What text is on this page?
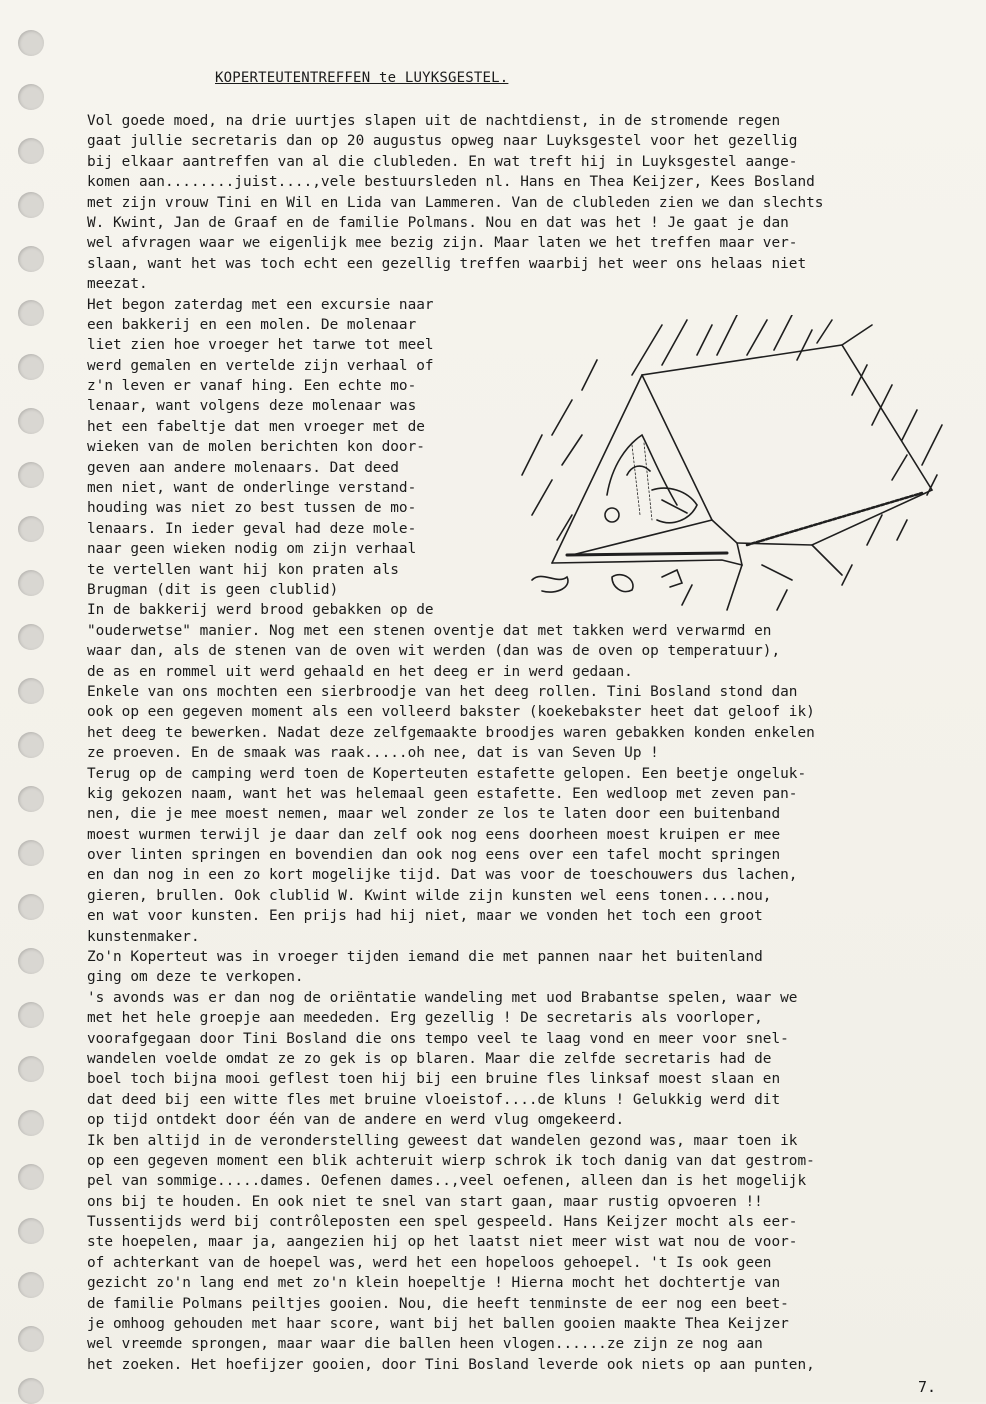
KOPERTEUTENTREFFEN te LUYKSGESTEL.
Vol goede moed, na drie uurtjes slapen uit de nachtdienst, in de stromende regen
gaat jullie secretaris dan op 20 augustus opweg naar Luyksgestel voor het gezellig
bij elkaar aantreffen van al die clubleden. En wat treft hij in Luyksgestel aange-
komen aan........juist....,vele bestuursleden nl. Hans en Thea Keijzer, Kees Bosland
met zijn vrouw Tini en Wil en Lida van Lammeren. Van de clubleden zien we dan slechts
W. Kwint, Jan de Graaf en de familie Polmans. Nou en dat was het ! Je gaat je dan
wel afvragen waar we eigenlijk mee bezig zijn. Maar laten we het treffen maar ver-
slaan, want het was toch echt een gezellig treffen waarbij het weer ons helaas niet
meezat.
Het begon zaterdag met een excursie naar
een bakkerij en een molen. De molenaar
liet zien hoe vroeger het tarwe tot meel
werd gemalen en vertelde zijn verhaal of
z'n leven er vanaf hing. Een echte mo-
lenaar, want volgens deze molenaar was
het een fabeltje dat men vroeger met de
wieken van de molen berichten kon door-
geven aan andere molenaars. Dat deed
men niet, want de onderlinge verstand-
houding was niet zo best tussen de mo-
lenaars. In ieder geval had deze mole-
naar geen wieken nodig om zijn verhaal
te vertellen want hij kon praten als
Brugman (dit is geen clublid)
In de bakkerij werd brood gebakken op de
"ouderwetse" manier. Nog met een stenen oventje dat met takken werd verwarmd en
waar dan, als de stenen van de oven wit werden (dan was de oven op temperatuur),
de as en rommel uit werd gehaald en het deeg er in werd gedaan.
Enkele van ons mochten een sierbroodje van het deeg rollen. Tini Bosland stond dan
ook op een gegeven moment als een volleerd bakster (koekebakster heet dat geloof ik)
het deeg te bewerken. Nadat deze zelfgemaakte broodjes waren gebakken konden enkelen
ze proeven. En de smaak was raak.....oh nee, dat is van Seven Up !
Terug op de camping werd toen de Koperteuten estafette gelopen. Een beetje ongeluk-
kig gekozen naam, want het was helemaal geen estafette. Een wedloop met zeven pan-
nen, die je mee moest nemen, maar wel zonder ze los te laten door een buitenband
moest wurmen terwijl je daar dan zelf ook nog eens doorheen moest kruipen er mee
over linten springen en bovendien dan ook nog eens over een tafel mocht springen
en dan nog in een zo kort mogelijke tijd. Dat was voor de toeschouwers dus lachen,
gieren, brullen. Ook clublid W. Kwint wilde zijn kunsten wel eens tonen....nou,
en wat voor kunsten. Een prijs had hij niet, maar we vonden het toch een groot
kunstenmaker.
Zo'n Koperteut was in vroeger tijden iemand die met pannen naar het buitenland
ging om deze te verkopen.
's avonds was er dan nog de oriëntatie wandeling met uod Brabantse spelen, waar we
met het hele groepje aan meededen. Erg gezellig ! De secretaris als voorloper,
voorafgegaan door Tini Bosland die ons tempo veel te laag vond en meer voor snel-
wandelen voelde omdat ze zo gek is op blaren. Maar die zelfde secretaris had de
boel toch bijna mooi geflest toen hij bij een bruine fles linksaf moest slaan en
dat deed bij een witte fles met bruine vloeistof....de kluns ! Gelukkig werd dit
op tijd ontdekt door één van de andere en werd vlug omgekeerd.
Ik ben altijd in de veronderstelling geweest dat wandelen gezond was, maar toen ik
op een gegeven moment een blik achteruit wierp schrok ik toch danig van dat gestrom-
pel van sommige.....dames. Oefenen dames..,veel oefenen, alleen dan is het mogelijk
ons bij te houden. En ook niet te snel van start gaan, maar rustig opvoeren !!
Tussentijds werd bij contrôleposten een spel gespeeld. Hans Keijzer mocht als eer-
ste hoepelen, maar ja, aangezien hij op het laatst niet meer wist wat nou de voor-
of achterkant van de hoepel was, werd het een hopeloos gehoepel. 't Is ook geen
gezicht zo'n lang end met zo'n klein hoepeltje ! Hierna mocht het dochtertje van
de familie Polmans peiltjes gooien. Nou, die heeft tenminste de eer nog een beet-
je omhoog gehouden met haar score, want bij het ballen gooien maakte Thea Keijzer
wel vreemde sprongen, maar waar die ballen heen vlogen......ze zijn ze nog aan
het zoeken. Het hoefijzer gooien, door Tini Bosland leverde ook niets op aan punten,
7.
